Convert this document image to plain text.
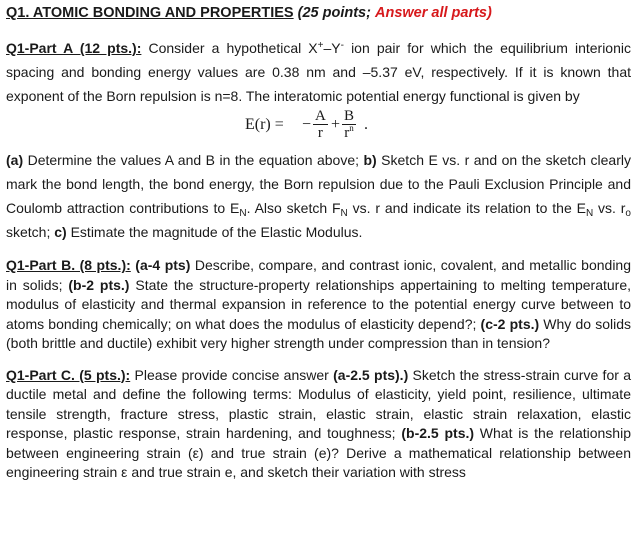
Q1. ATOMIC BONDING AND PROPERTIES (25 points; Answer all parts)

Q1-Part A (12 pts.): Consider a hypothetical X+–Y- ion pair for which the equilibrium interionic spacing and bonding energy values are 0.38 nm and –5.37 eV, respectively. If it is known that exponent of the Born repulsion is n=8. The interatomic potential energy functional is given by

E(r) = − $\frac{A}{r} + \frac{B}{r^n}$ .

(a) Determine the values A and B in the equation above; b) Sketch E vs. r and on the sketch clearly mark the bond length, the bond energy, the Born repulsion due to the Pauli Exclusion Principle and Coulomb attraction contributions to $E_N$. Also sketch $F_N$ vs. r and indicate its relation to the $E_N$ vs. $r_o$ sketch; c) Estimate the magnitude of the Elastic Modulus.

Q1-Part B. (8 pts.): (a-4 pts) Describe, compare, and contrast ionic, covalent, and metallic bonding in solids; (b-2 pts.) State the structure-property relationships appertaining to melting temperature, modulus of elasticity and thermal expansion in reference to the potential energy curve between to atoms bonding chemically; on what does the modulus of elasticity depend?; (c-2 pts.) Why do solids (both brittle and ductile) exhibit very higher strength under compression than in tension?

Q1-Part C. (5 pts.): Please provide concise answer (a-2.5 pts).) Sketch the stress-strain curve for a ductile metal and define the following terms: Modulus of elasticity, yield point, resilience, ultimate tensile strength, fracture stress, plastic strain, elastic strain, elastic strain relaxation, elastic response, plastic response, strain hardening, and toughness; (b-2.5 pts.) What is the relationship between engineering strain (ε) and true strain (e)? Derive a mathematical relationship between engineering strain ε and true strain e, and sketch their variation with stress
